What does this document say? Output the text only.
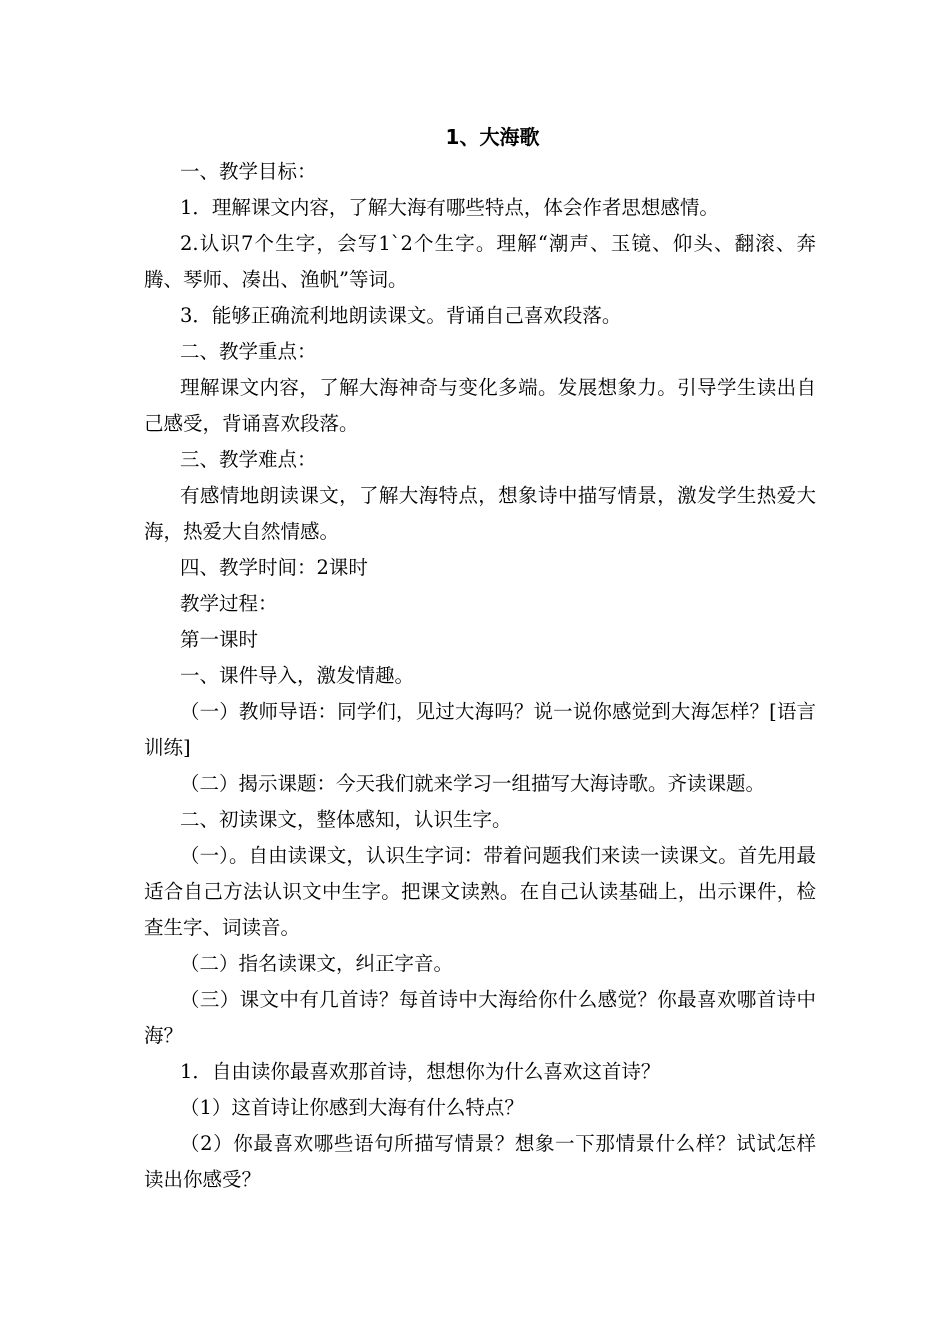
1、大海歌

一、教学目标：

1．理解课文内容，了解大海有哪些特点，体会作者思想感情。

2.认识7个生字，会写1`2个生字。理解“潮声、玉镜、仰头、翻滚、奔腾、琴师、凑出、渔帆”等词。

3．能够正确流利地朗读课文。背诵自己喜欢段落。

二、教学重点：

理解课文内容，了解大海神奇与变化多端。发展想象力。引导学生读出自己感受，背诵喜欢段落。

三、教学难点：

有感情地朗读课文，了解大海特点，想象诗中描写情景，激发学生热爱大海，热爱大自然情感。

四、教学时间：2课时

教学过程：

第一课时

一、课件导入，激发情趣。

（一）教师导语：同学们，见过大海吗？说一说你感觉到大海怎样？[语言训练]

（二）揭示课题：今天我们就来学习一组描写大海诗歌。齐读课题。

二、初读课文，整体感知，认识生字。

（一）。自由读课文，认识生字词：带着问题我们来读一读课文。首先用最适合自己方法认识文中生字。把课文读熟。在自己认读基础上，出示课件，检查生字、词读音。

（二）指名读课文，纠正字音。

（三）课文中有几首诗？每首诗中大海给你什么感觉？你最喜欢哪首诗中海？

1．自由读你最喜欢那首诗，想想你为什么喜欢这首诗？

（1）这首诗让你感到大海有什么特点？

（2）你最喜欢哪些语句所描写情景？想象一下那情景什么样？试试怎样读出你感受？
